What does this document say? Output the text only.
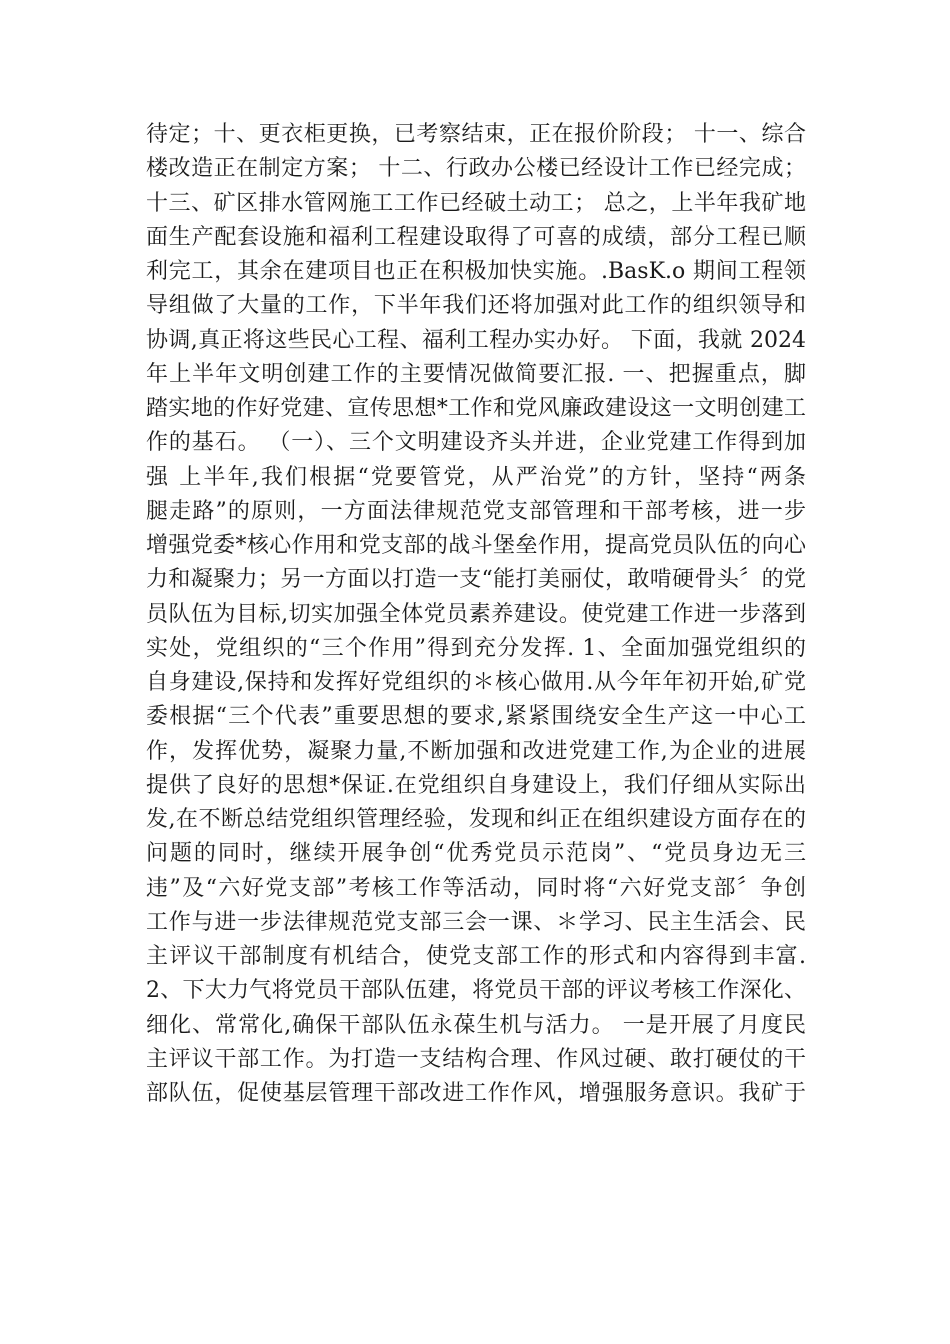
待定；十、更衣柜更换，已考察结束，正在报价阶段； 十一、综合
楼改造正在制定方案； 十二、行政办公楼已经设计工作已经完成；
十三、矿区排水管网施工工作已经破土动工； 总之，上半年我矿地
面生产配套设施和福利工程建设取得了可喜的成绩，部分工程已顺
利完工，其余在建项目也正在积极加快实施。.BasK.o 期间工程领
导组做了大量的工作，下半年我们还将加强对此工作的组织领导和
协调,真正将这些民心工程、福利工程办实办好。 下面，我就 2024
年上半年文明创建工作的主要情况做简要汇报. 一、把握重点，脚
踏实地的作好党建、宣传思想*工作和党风廉政建设这一文明创建工
作的基石。 （一）、三个文明建设齐头并进，企业党建工作得到加
强 上半年,我们根据“党要管党，从严治党”的方针，坚持“两条
腿走路”的原则，一方面法律规范党支部管理和干部考核，进一步
增强党委*核心作用和党支部的战斗堡垒作用，提高党员队伍的向心
力和凝聚力；另一方面以打造一支“能打美丽仗，敢啃硬骨头〞的党
员队伍为目标,切实加强全体党员素养建设。使党建工作进一步落到
实处，党组织的“三个作用”得到充分发挥. 1、全面加强党组织的
自身建设,保持和发挥好党组织的＊核心做用.从今年年初开始,矿党
委根据“三个代表”重要思想的要求,紧紧围绕安全生产这一中心工
作，发挥优势，凝聚力量,不断加强和改进党建工作,为企业的进展
提供了良好的思想*保证.在党组织自身建设上，我们仔细从实际出
发,在不断总结党组织管理经验，发现和纠正在组织建设方面存在的
问题的同时，继续开展争创“优秀党员示范岗”、“党员身边无三
违”及“六好党支部”考核工作等活动，同时将“六好党支部〞争创
工作与进一步法律规范党支部三会一课、＊学习、民主生活会、民
主评议干部制度有机结合，使党支部工作的形式和内容得到丰富.
2、下大力气将党员干部队伍建，将党员干部的评议考核工作深化、
细化、常常化,确保干部队伍永葆生机与活力。 一是开展了月度民
主评议干部工作。为打造一支结构合理、作风过硬、敢打硬仗的干
部队伍，促使基层管理干部改进工作作风，增强服务意识。我矿于
